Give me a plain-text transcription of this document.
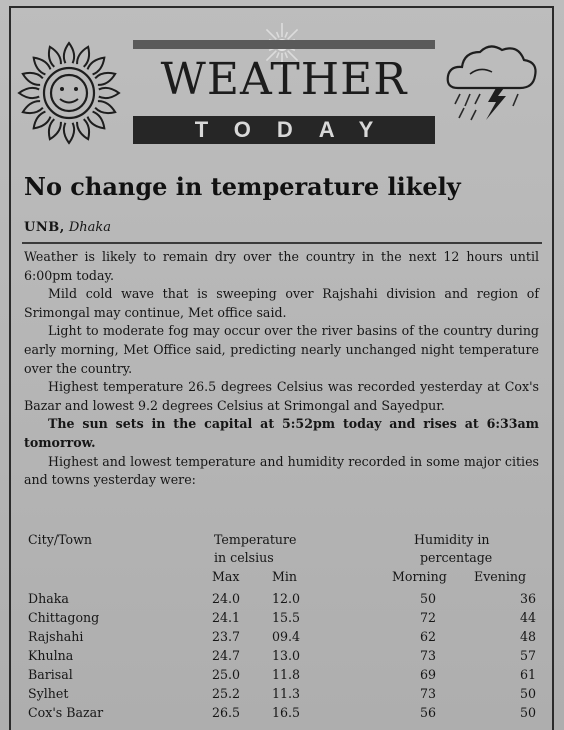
WEATHER
TODAY
No change in temperature likely
UNB, Dhaka

Weather is likely to remain dry over the country in the next 12 hours until 6:00pm today.

Mild cold wave that is sweeping over Rajshahi division and region of Srimongal may continue, Met office said.

Light to moderate fog may occur over the river basins of the country during early morning, Met Office said, predicting nearly unchanged night temperature over the country.

Highest temperature 26.5 degrees Celsius was recorded yesterday at Cox's Bazar and lowest 9.2 degrees Celsius at Srimongal and Sayedpur.

The sun sets in the capital at 5:52pm today and rises at 6:33am tomorrow.

Highest and lowest temperature and humidity recorded in some major cities and towns yesterday were:

City/Town	Temperature
in celsius
Max	Min
Humidity in
percentage
Morning Evening
Dhaka	24.0	12.0	50	36
Chittagong	24.1	15.5	72	44
Rajshahi	23.7	09.4	62	48
Khulna	24.7	13.0	73	57
Barisal	25.0	11.8	69	61
Sylhet	25.2	11.3	73	50
Cox's Bazar	26.5	16.5	56	50
